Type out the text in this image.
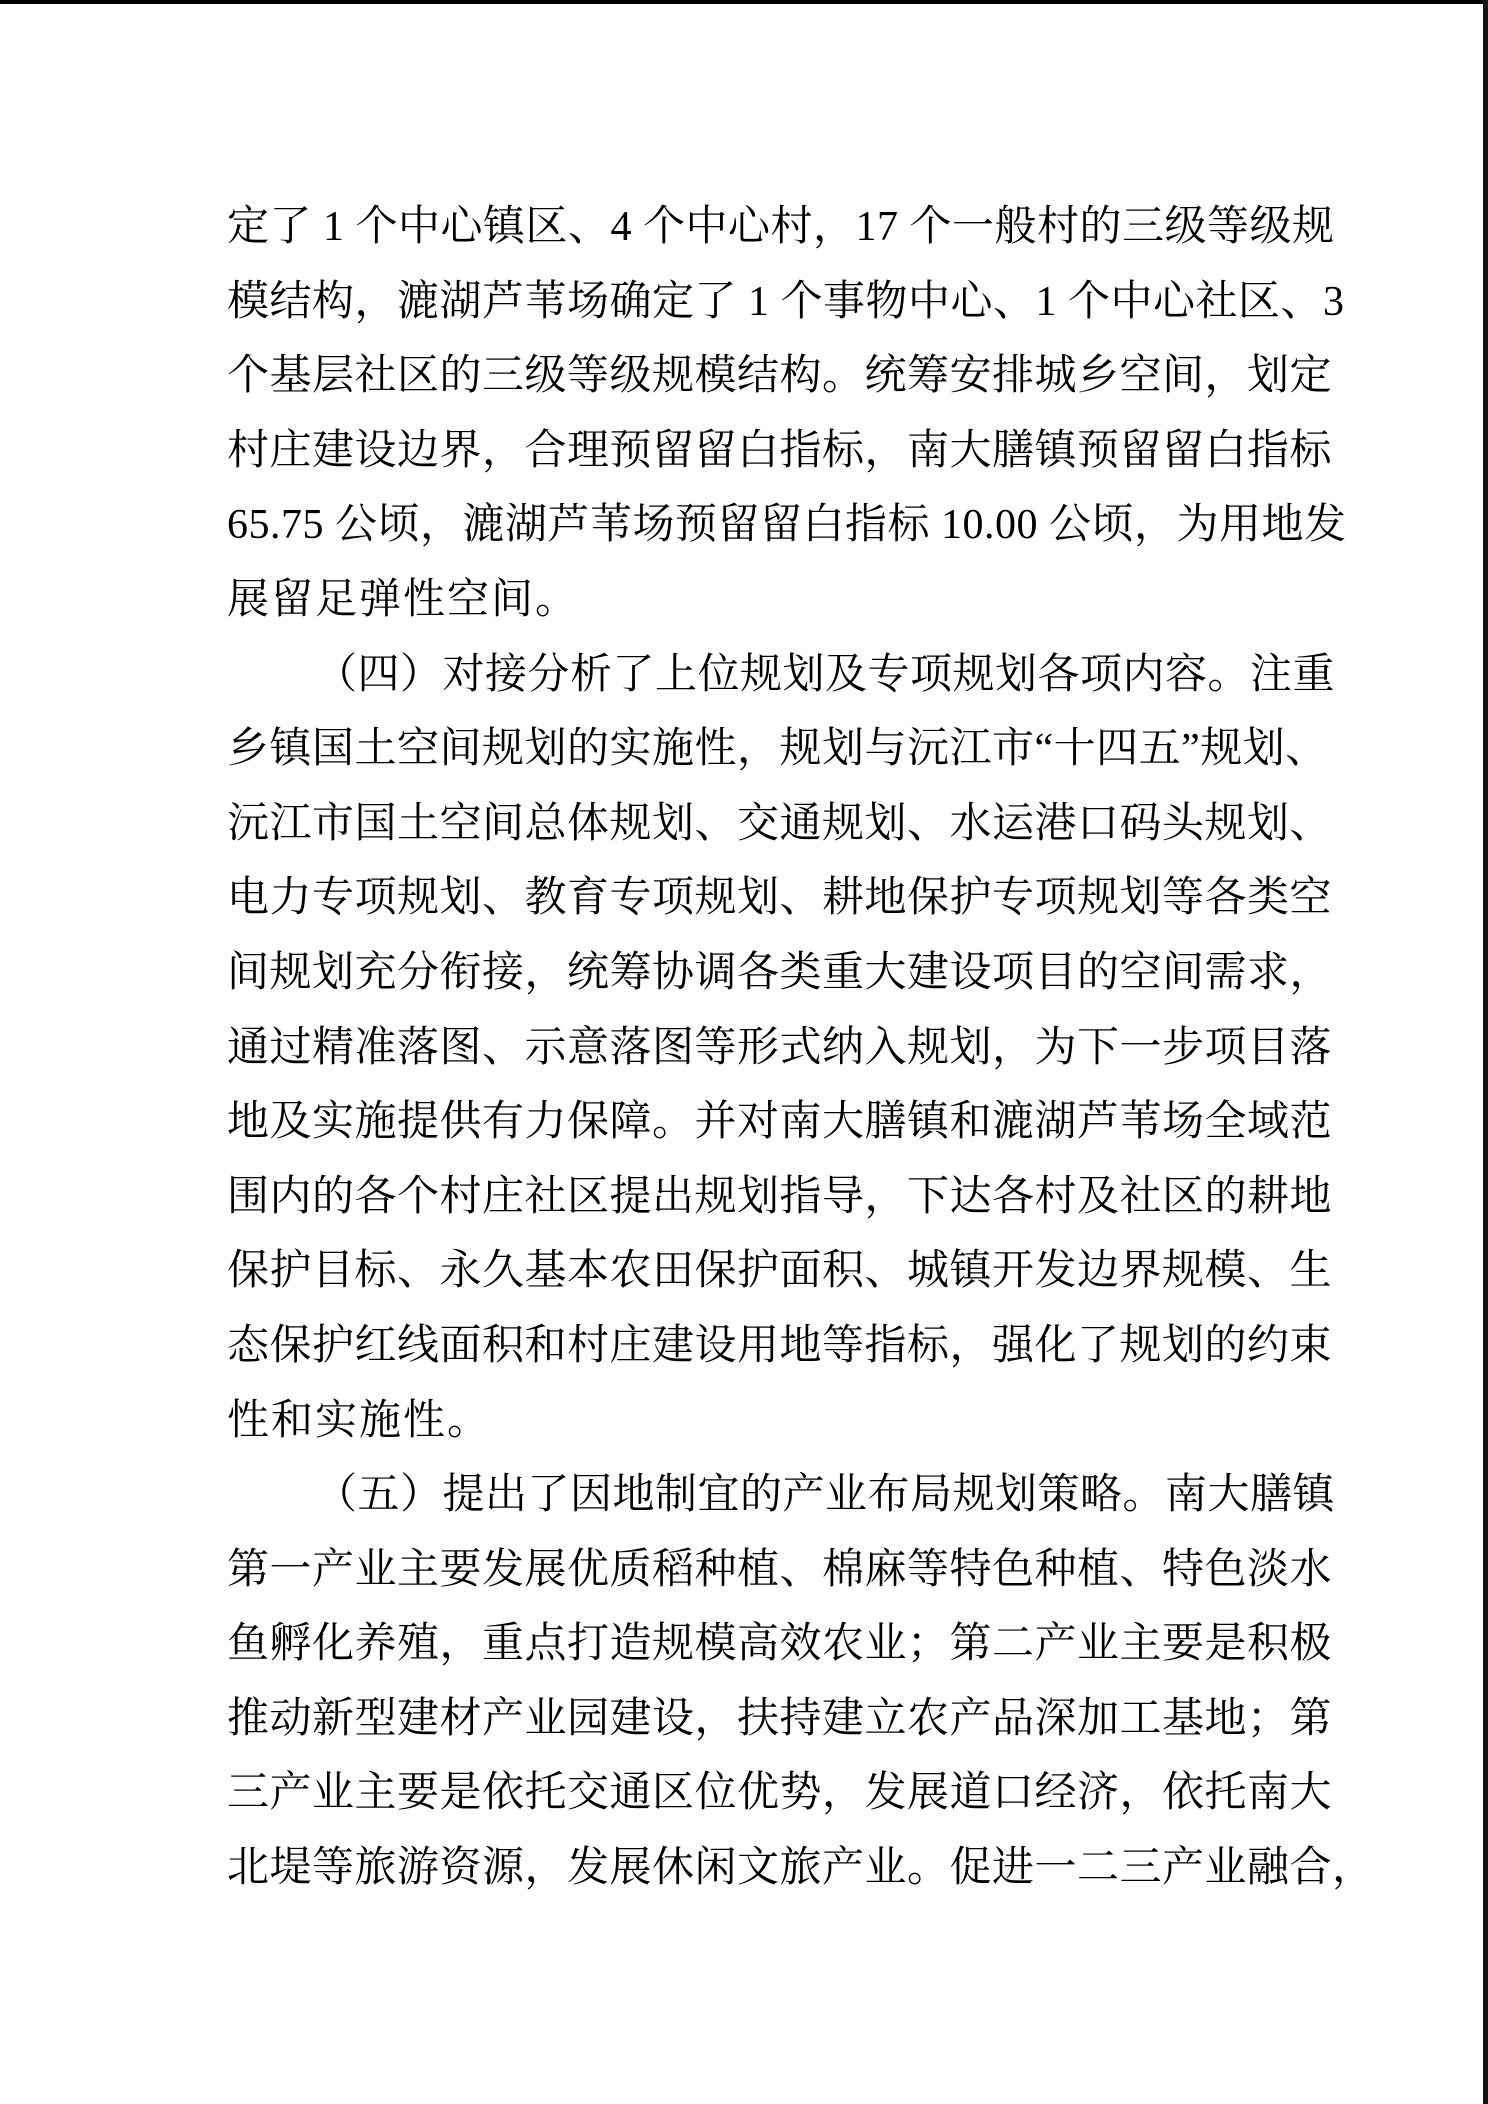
定了 1 个中心镇区、4 个中心村，17 个一般村的三级等级规
模结构，漉湖芦苇场确定了 1 个事物中心、1 个中心社区、3
个基层社区的三级等级规模结构。统筹安排城乡空间，划定
村庄建设边界，合理预留留白指标，南大膳镇预留留白指标
65.75 公顷，漉湖芦苇场预留留白指标 10.00 公顷，为用地发
展留足弹性空间。
（四）对接分析了上位规划及专项规划各项内容。注重
乡镇国土空间规划的实施性，规划与沅江市“十四五”规划、
沅江市国土空间总体规划、交通规划、水运港口码头规划、
电力专项规划、教育专项规划、耕地保护专项规划等各类空
间规划充分衔接，统筹协调各类重大建设项目的空间需求，
通过精准落图、示意落图等形式纳入规划，为下一步项目落
地及实施提供有力保障。并对南大膳镇和漉湖芦苇场全域范
围内的各个村庄社区提出规划指导，下达各村及社区的耕地
保护目标、永久基本农田保护面积、城镇开发边界规模、生
态保护红线面积和村庄建设用地等指标，强化了规划的约束
性和实施性。
（五）提出了因地制宜的产业布局规划策略。南大膳镇
第一产业主要发展优质稻种植、棉麻等特色种植、特色淡水
鱼孵化养殖，重点打造规模高效农业；第二产业主要是积极
推动新型建材产业园建设，扶持建立农产品深加工基地；第
三产业主要是依托交通区位优势，发展道口经济，依托南大
北堤等旅游资源，发展休闲文旅产业。促进一二三产业融合，
